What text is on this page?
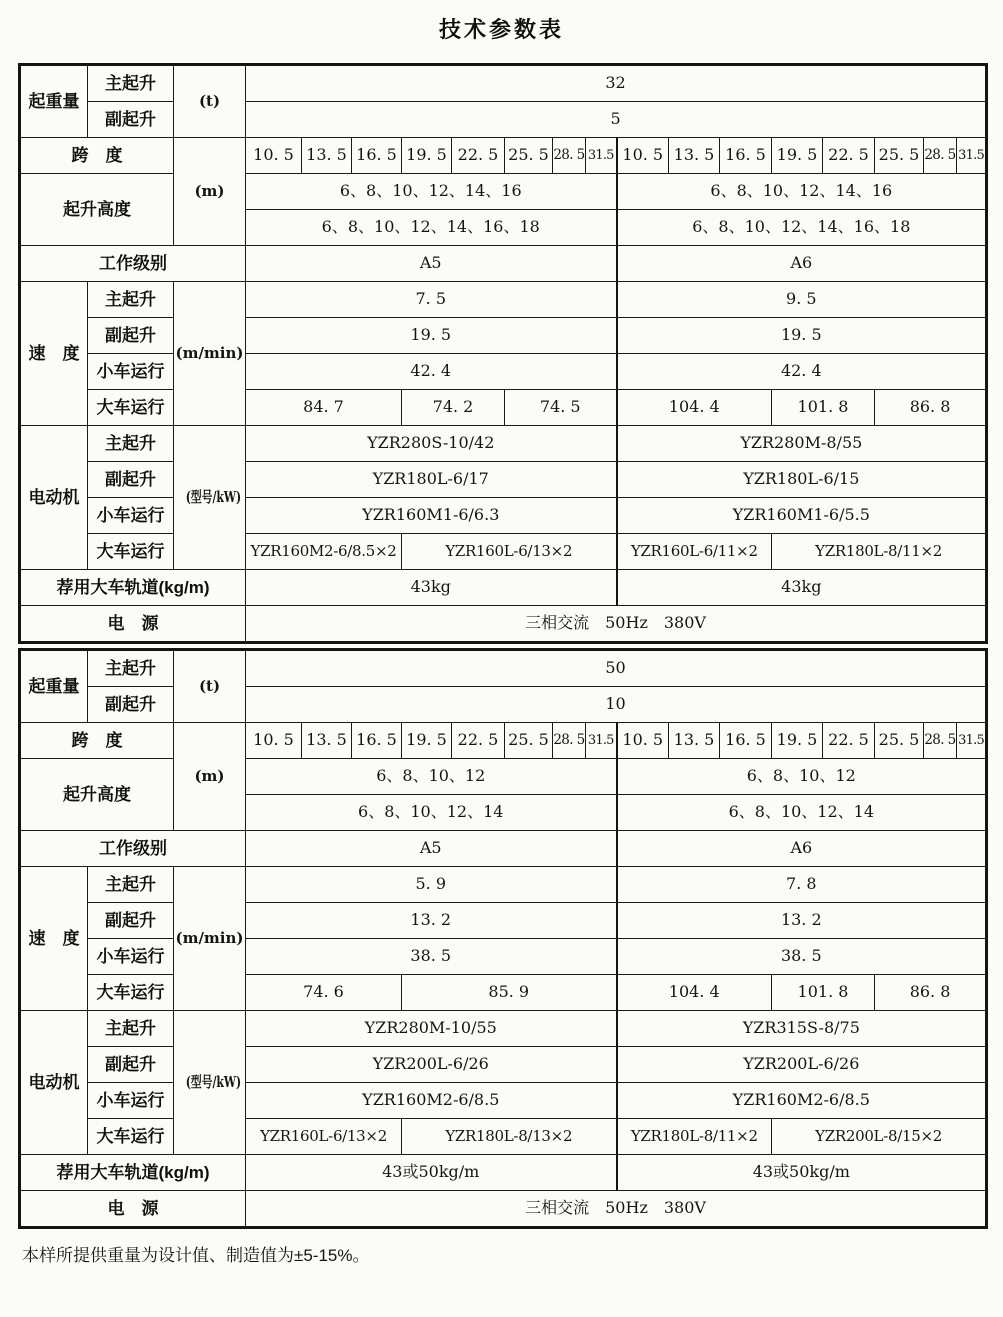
技术参数表
起重量	主起升	(t)	32															
	副起升		5															
跨　度		(m)	10. 5	13. 5	16. 5	19. 5	22. 5	25. 5	28. 5	31.5	10. 5	13. 5	16. 5	19. 5	22. 5	25. 5	28. 5	31.5
起升高度			6、8、10、12、14、16								6、8、10、12、14、16							
			6、8、10、12、14、16、18								6、8、10、12、14、16、18							
工作级别			A5								A6							
速　度	主起升	(m/min)	7. 5								9. 5							
	副起升		19. 5								19. 5							
	小车运行		42. 4								42. 4							
	大车运行		84. 7			74. 2		74. 5			104. 4			101. 8		86. 8		
电动机	主起升	(型号/kW)	YZR280S-10/42								YZR280M-8/55							
	副起升		YZR180L-6/17								YZR180L-6/15							
	小车运行		YZR160M1-6/6.3								YZR160M1-6/5.5							
	大车运行		YZR160M2-6/8.5×2			YZR160L-6/13×2					YZR160L-6/11×2			YZR180L-8/11×2				
荐用大车轨道(kg/m)			43kg								43kg							
电　源			三相交流　50Hz　380V															
起重量	主起升	(t)	50															
	副起升		10															
跨　度		(m)	10. 5	13. 5	16. 5	19. 5	22. 5	25. 5	28. 5	31.5	10. 5	13. 5	16. 5	19. 5	22. 5	25. 5	28. 5	31.5
起升高度			6、8、10、12								6、8、10、12							
			6、8、10、12、14								6、8、10、12、14							
工作级别			A5								A6							
速　度	主起升	(m/min)	5. 9								7. 8							
	副起升		13. 2								13. 2							
	小车运行		38. 5								38. 5							
	大车运行		74. 6			85. 9					104. 4			101. 8		86. 8		
电动机	主起升	(型号/kW)	YZR280M-10/55								YZR315S-8/75							
	副起升		YZR200L-6/26								YZR200L-6/26							
	小车运行		YZR160M2-6/8.5								YZR160M2-6/8.5							
	大车运行		YZR160L-6/13×2			YZR180L-8/13×2					YZR180L-8/11×2			YZR200L-8/15×2				
荐用大车轨道(kg/m)			43或50kg/m								43或50kg/m							
电　源			三相交流　50Hz　380V															

本样所提供重量为设计值、制造值为±5-15%。
